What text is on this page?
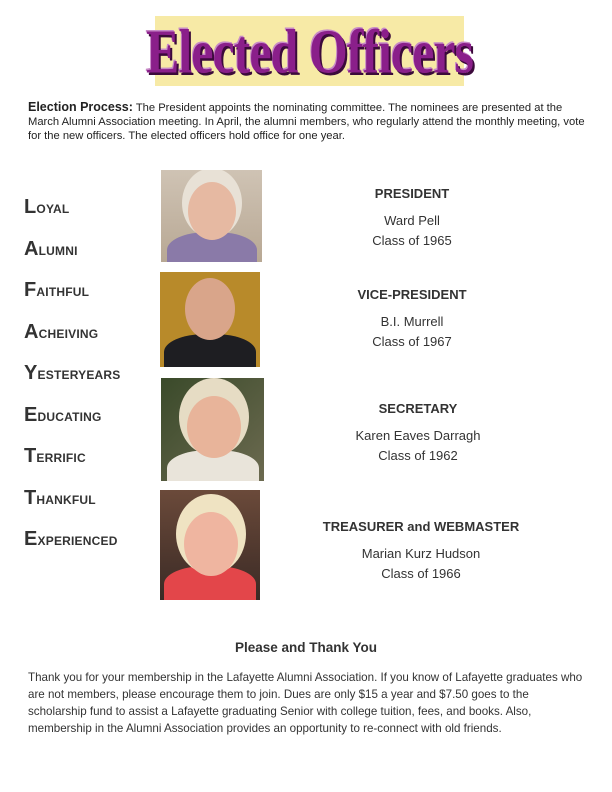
Elected Officers
Election Process: The President appoints the nominating committee. The nominees are presented at the March Alumni Association meeting. In April, the alumni members, who regularly attend the monthly meeting, vote for the new officers. The elected officers hold office for one year.
Loyal
Alumni
Faithful
Acheiving
Yesteryears
Educating
Terrific
Thankful
Experienced
PRESIDENT
Ward Pell
Class of 1965
VICE-PRESIDENT
B.I. Murrell
Class of 1967
SECRETARY
Karen Eaves Darragh
Class of 1962
TREASURER and WEBMASTER
Marian Kurz Hudson
Class of 1966
Please and Thank You
Thank you for your membership in the Lafayette Alumni Association. If you know of Lafayette graduates who are not members, please encourage them to join. Dues are only $15 a year and $7.50 goes to the scholarship fund to assist a Lafayette graduating Senior with college tuition, fees, and books. Also, membership in the Alumni Association provides an opportunity to re-connect with old friends.
